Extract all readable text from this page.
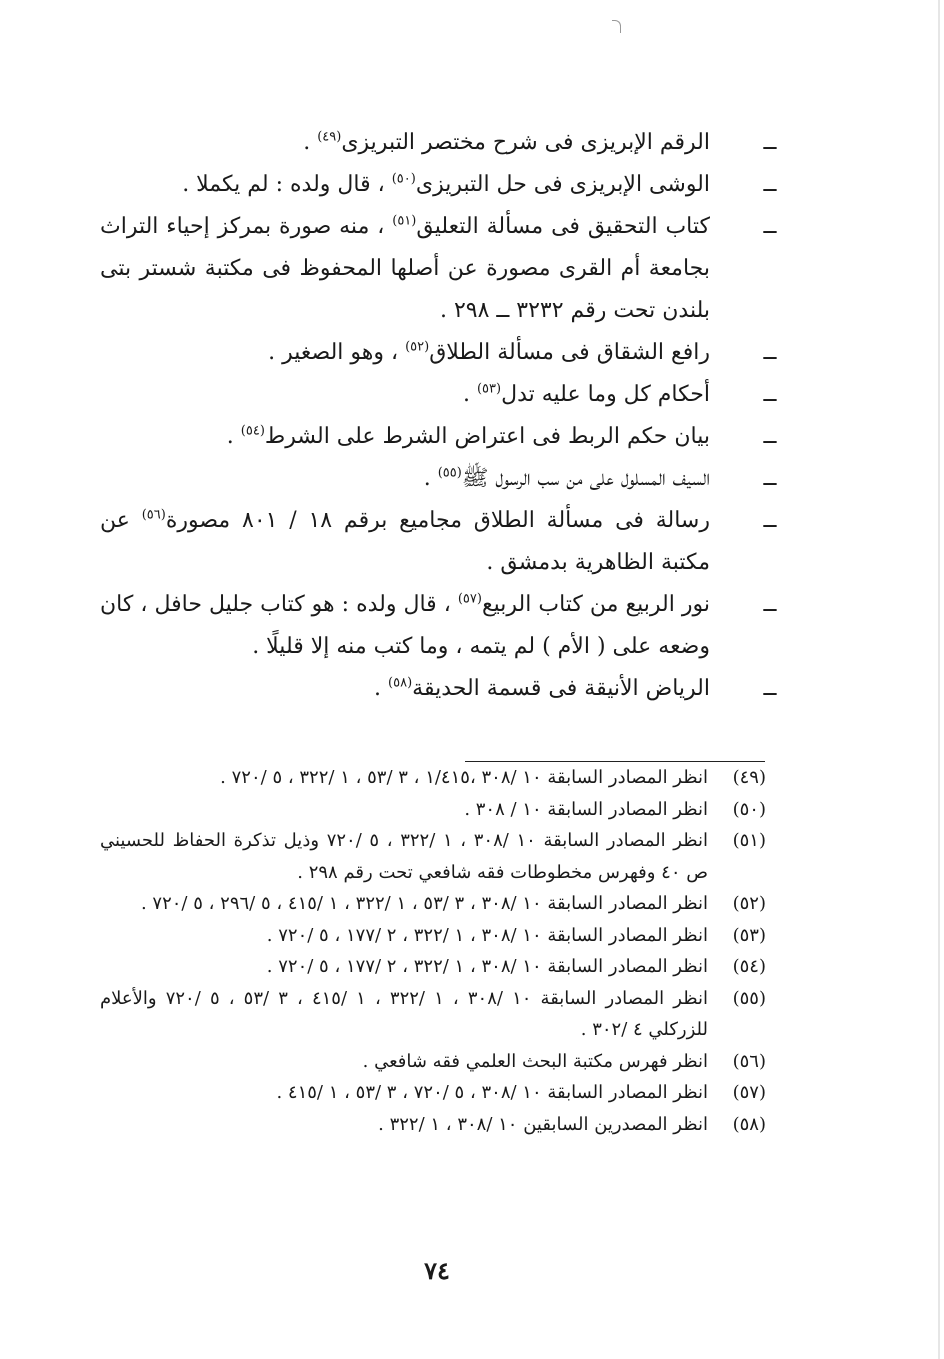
ــ
الرقم الإبريزى فى شرح مختصر التبريزى$^{(٤٩)}$ .
ــ
الوشى الإبريزى فى حل التبريزى$^{(٥٠)}$ ، قال ولده : لم يكملا .
ــ
كتاب التحقيق فى مسألة التعليق$^{(٥١)}$ ، منه صورة بمركز إحياء التراث بجامعة أم القرى مصورة عن أصلها المحفوظ فى مكتبة شستر بتى بلندن تحت رقم ٣٢٣٢ ــ ٢٩٨ .
ــ
رافع الشقاق فى مسألة الطلاق$^{(٥٢)}$ ، وهو الصغير .
ــ
أحكام كل وما عليه تدل$^{(٥٣)}$ .
ــ
بيان حكم الربط فى اعتراض الشرط على الشرط$^{(٥٤)}$ .
ــ
السيف المسلول على من سب الرسول ﷺ$^{(٥٥)}$ .
ــ
رسالة فى مسألة الطلاق مجاميع برقم ١٨ / ٨٠١ مصورة$^{(٥٦)}$ عن مكتبة الظاهرية بدمشق .
ــ
نور الربيع من كتاب الربيع$^{(٥٧)}$ ، قال ولده : هو كتاب جليل حافل ، كان وضعه على ( الأم ) لم يتمه ، وما كتب منه إلا قليلًا .
ــ
الرياض الأنيقة فى قسمة الحديقة$^{(٥٨)}$ .
(٤٩)
انظر المصادر السابقة ١٠ /٣٠٨ ،١/٤١٥ ، ٣ /٥٣ ، ١ /٣٢٢ ، ٥ /٧٢٠ .
(٥٠)
انظر المصادر السابقة ١٠ / ٣٠٨ .
(٥١)
انظر المصادر السابقة ١٠ /٣٠٨ ، ١ /٣٢٢ ، ٥ /٧٢٠ وذيل تذكرة الحفاظ للحسيني ص ٤٠ وفهرس مخطوطات فقه شافعي تحت رقم ٢٩٨ .
(٥٢)
انظر المصادر السابقة ١٠ /٣٠٨ ، ٣ /٥٣ ، ١ /٣٢٢ ، ١ /٤١٥ ، ٥ /٢٩٦ ، ٥ /٧٢٠ .
(٥٣)
انظر المصادر السابقة ١٠ /٣٠٨ ، ١ /٣٢٢ ، ٢ /١٧٧ ، ٥ /٧٢٠ .
(٥٤)
انظر المصادر السابقة ١٠ /٣٠٨ ، ١ /٣٢٢ ، ٢ /١٧٧ ، ٥ /٧٢٠ .
(٥٥)
انظر المصادر السابقة ١٠ /٣٠٨ ، ١ /٣٢٢ ، ١ /٤١٥ ، ٣ /٥٣ ، ٥ /٧٢٠ والأعلام للزركلي ٤ /٣٠٢ .
(٥٦)
انظر فهرس مكتبة البحث العلمي فقه شافعي .
(٥٧)
انظر المصادر السابقة ١٠ /٣٠٨ ، ٥ /٧٢٠ ، ٣ /٥٣ ، ١ /٤١٥ .
(٥٨)
انظر المصدرين السابقين ١٠ /٣٠٨ ، ١ /٣٢٢ .
٧٤
